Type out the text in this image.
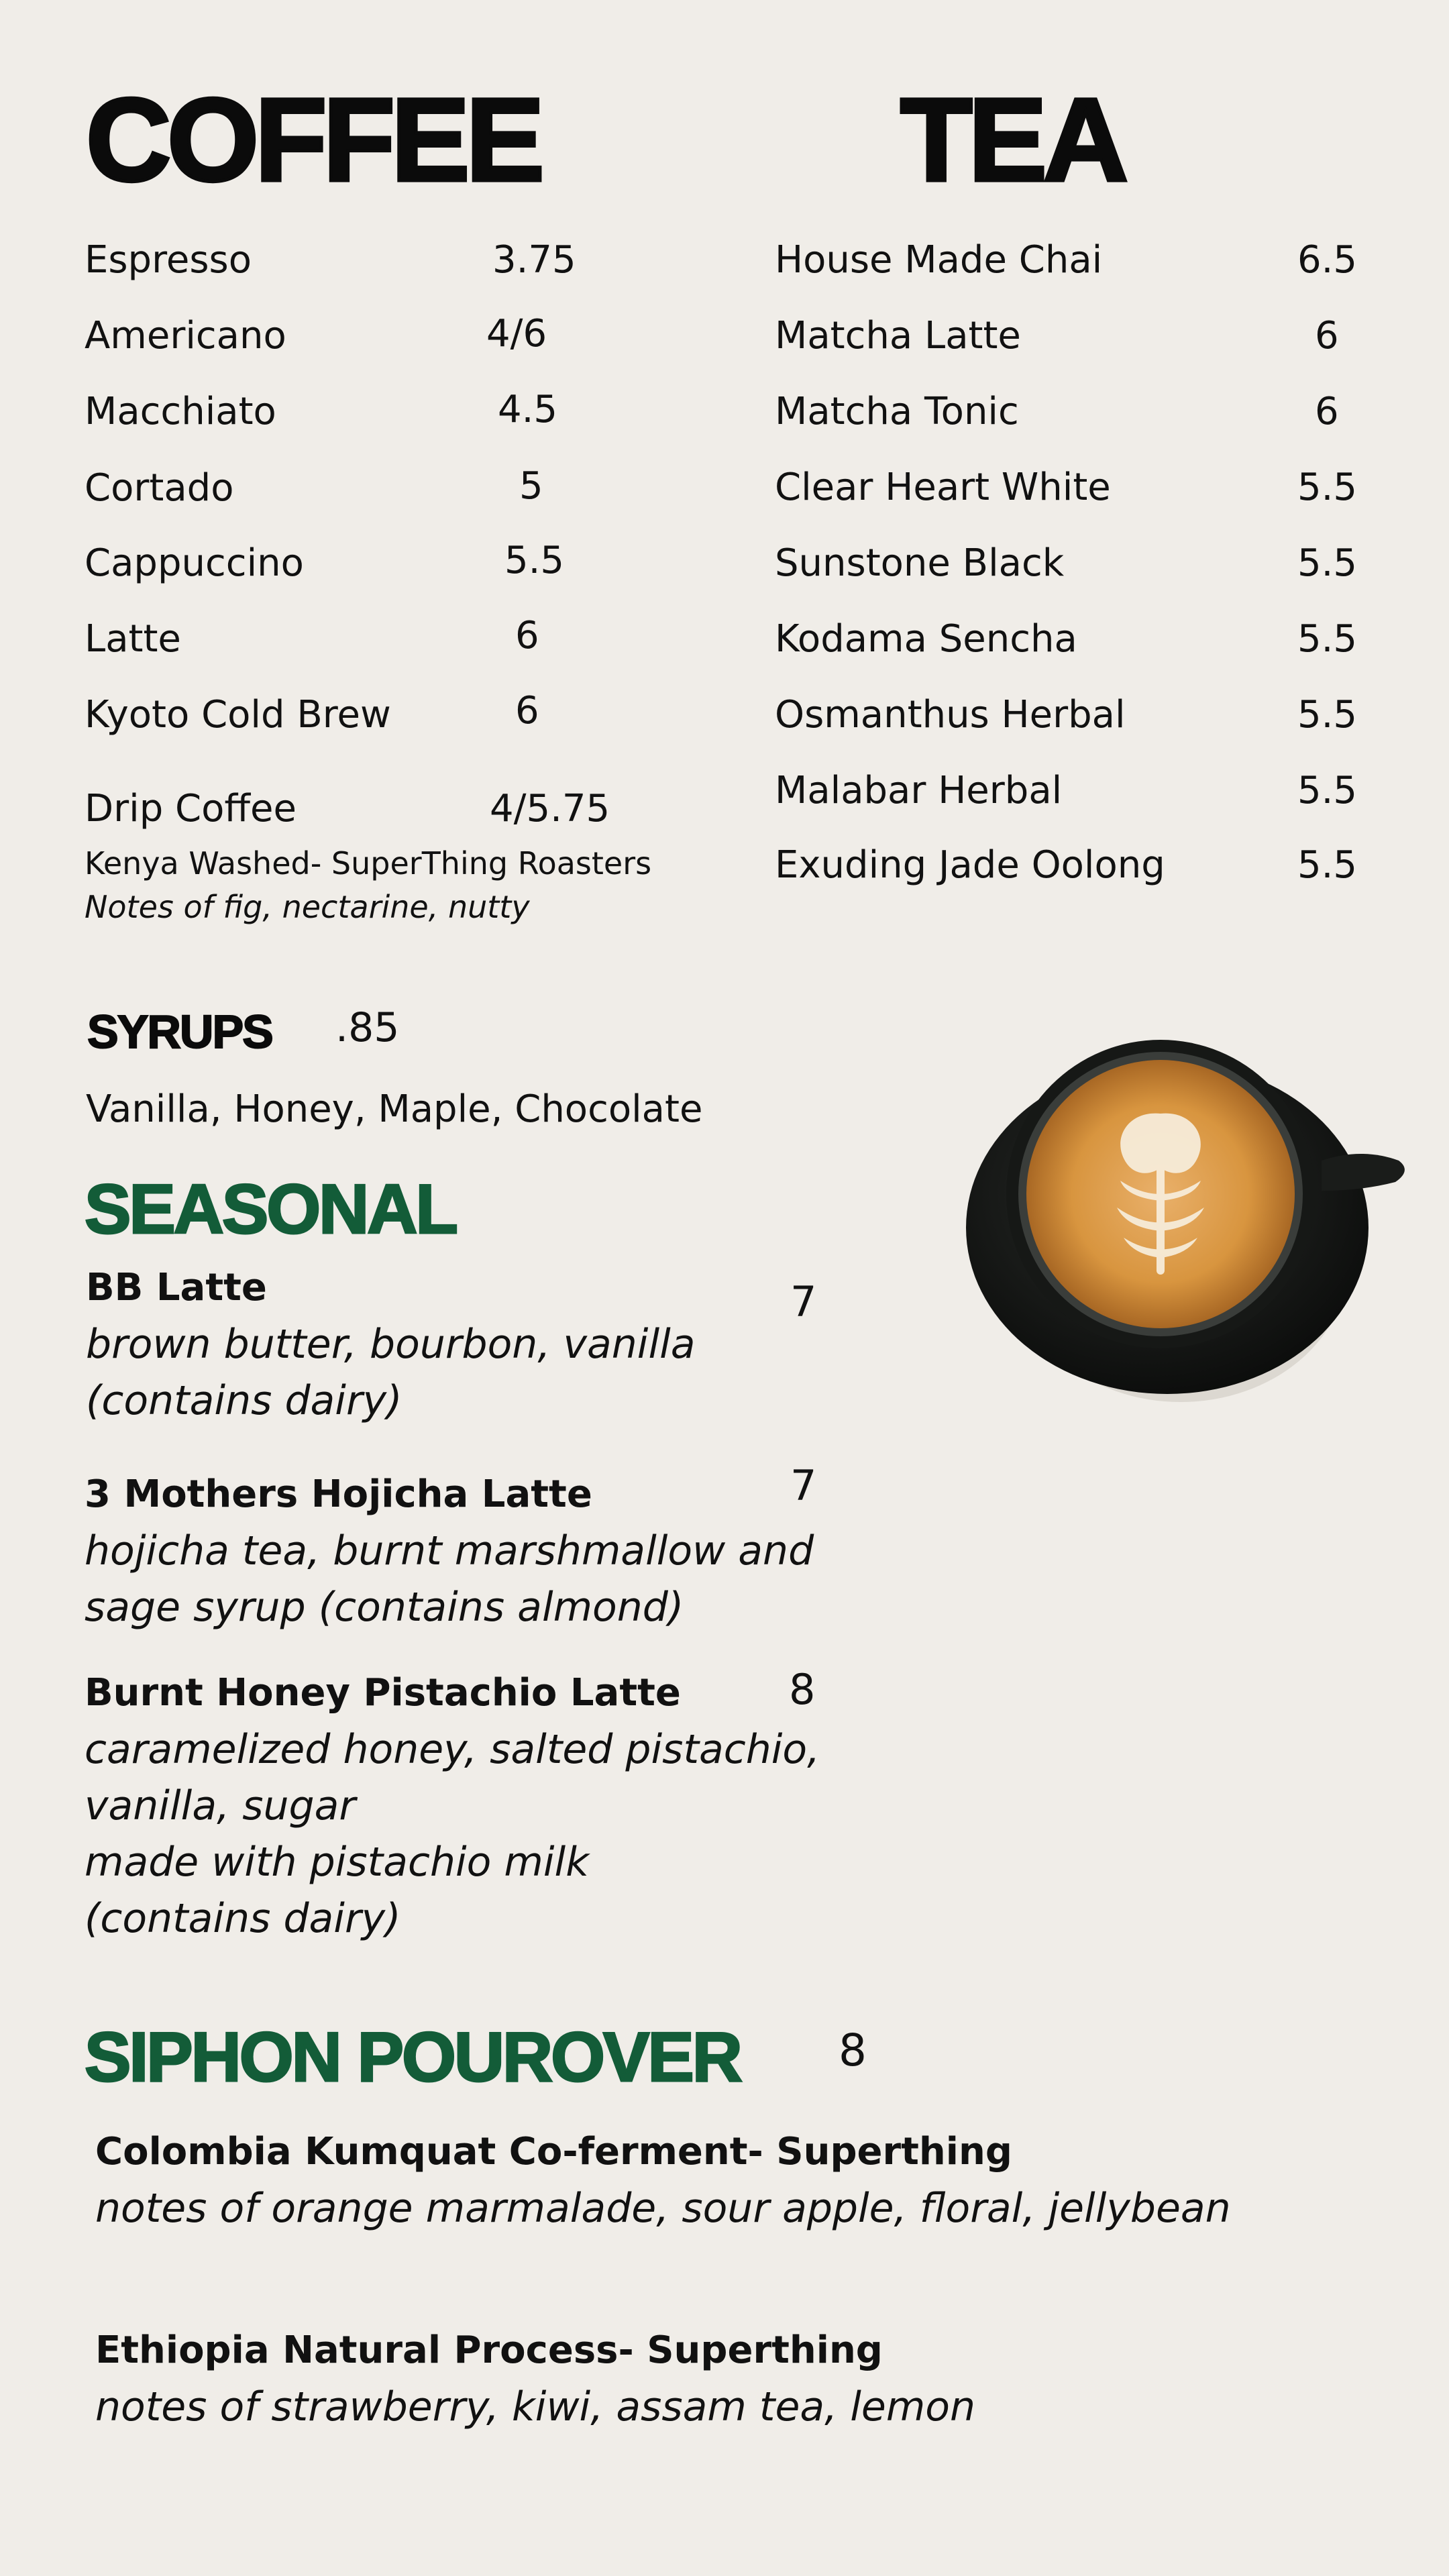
COFFEE	TEA
Espresso	3.75
Americano	4/6
Macchiato	4.5
Cortado	5
Cappuccino	5.5
Latte	6
Kyoto Cold Brew	6
Drip Coffee	4/5.75
Kenya Washed- SuperThing Roasters
Notes of fig, nectarine, nutty
House Made Chai	6.5
Matcha Latte	6
Matcha Tonic	6
Clear Heart White	5.5
Sunstone Black	5.5
Kodama Sencha	5.5
Osmanthus Herbal	5.5
Malabar Herbal	5.5
Exuding Jade Oolong	5.5
SYRUPS .85
Vanilla, Honey, Maple, Chocolate
SEASONAL
BB Latte	7
brown butter, bourbon, vanilla
(contains dairy)
3 Mothers Hojicha Latte	7
hojicha tea, burnt marshmallow and
sage syrup (contains almond)
Burnt Honey Pistachio Latte	8
caramelized honey, salted pistachio,
vanilla, sugar
made with pistachio milk
(contains dairy)
SIPHON POUROVER 8
Colombia Kumquat Co-ferment- Superthing
notes of orange marmalade, sour apple, floral, jellybean
Ethiopia Natural Process- Superthing
notes of strawberry, kiwi, assam tea, lemon
